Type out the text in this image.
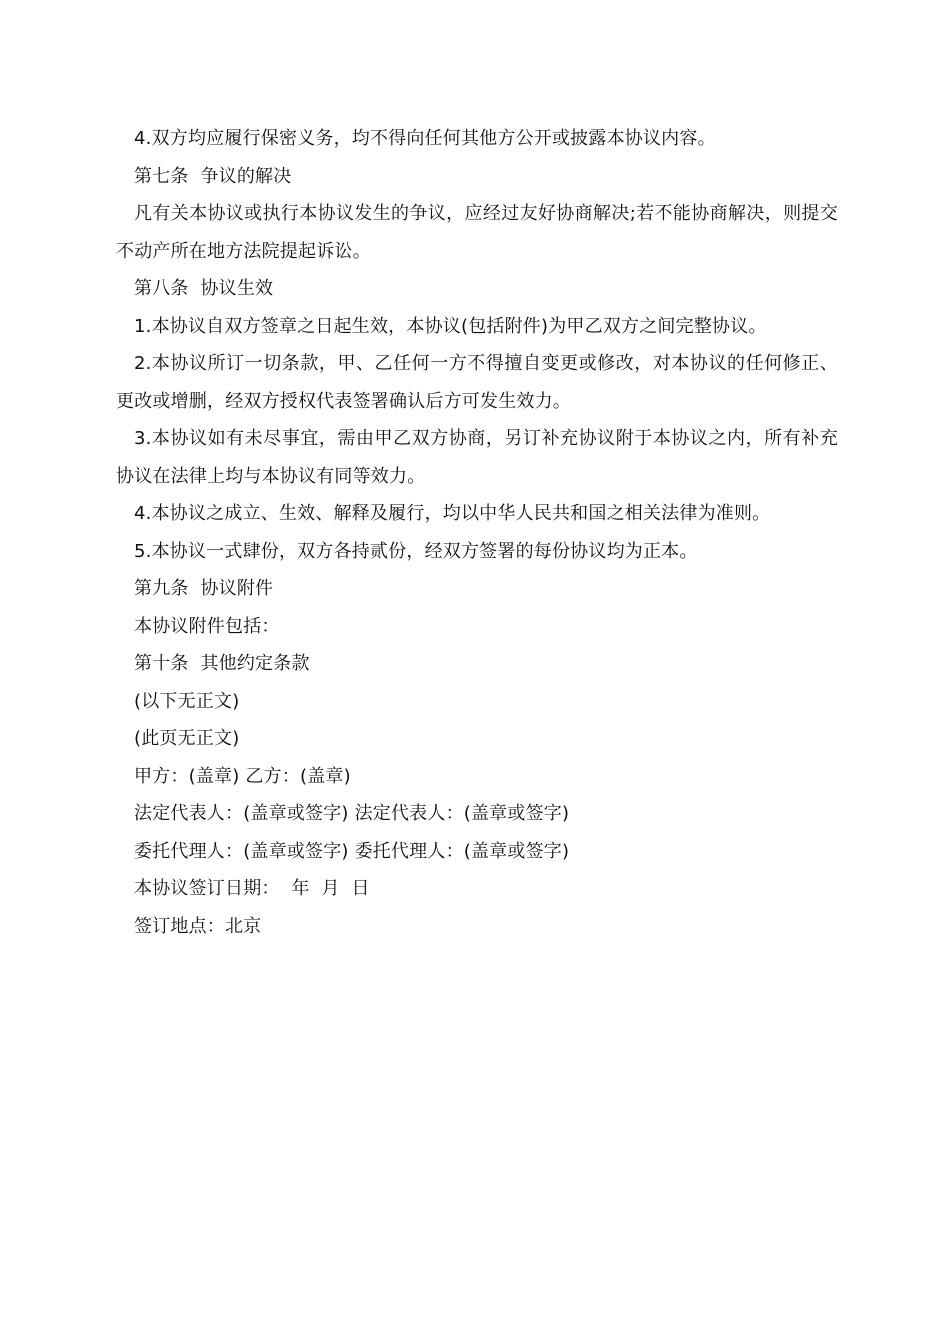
4.双方均应履行保密义务，均不得向任何其他方公开或披露本协议内容。

第七条  争议的解决

凡有关本协议或执行本协议发生的争议，应经过友好协商解决;若不能协商解决，则提交不动产所在地方法院提起诉讼。

第八条  协议生效

1.本协议自双方签章之日起生效，本协议(包括附件)为甲乙双方之间完整协议。

2.本协议所订一切条款，甲、乙任何一方不得擅自变更或修改，对本协议的任何修正、更改或增删，经双方授权代表签署确认后方可发生效力。

3.本协议如有未尽事宜，需由甲乙双方协商，另订补充协议附于本协议之内，所有补充协议在法律上均与本协议有同等效力。

4.本协议之成立、生效、解释及履行，均以中华人民共和国之相关法律为准则。

5.本协议一式肆份，双方各持贰份，经双方签署的每份协议均为正本。

第九条  协议附件

本协议附件包括：

第十条  其他约定条款

(以下无正文)

(此页无正文)

甲方：(盖章) 乙方：(盖章)

法定代表人：(盖章或签字) 法定代表人：(盖章或签字)

委托代理人：(盖章或签字) 委托代理人：(盖章或签字)

本协议签订日期：  年  月  日

签订地点：北京
